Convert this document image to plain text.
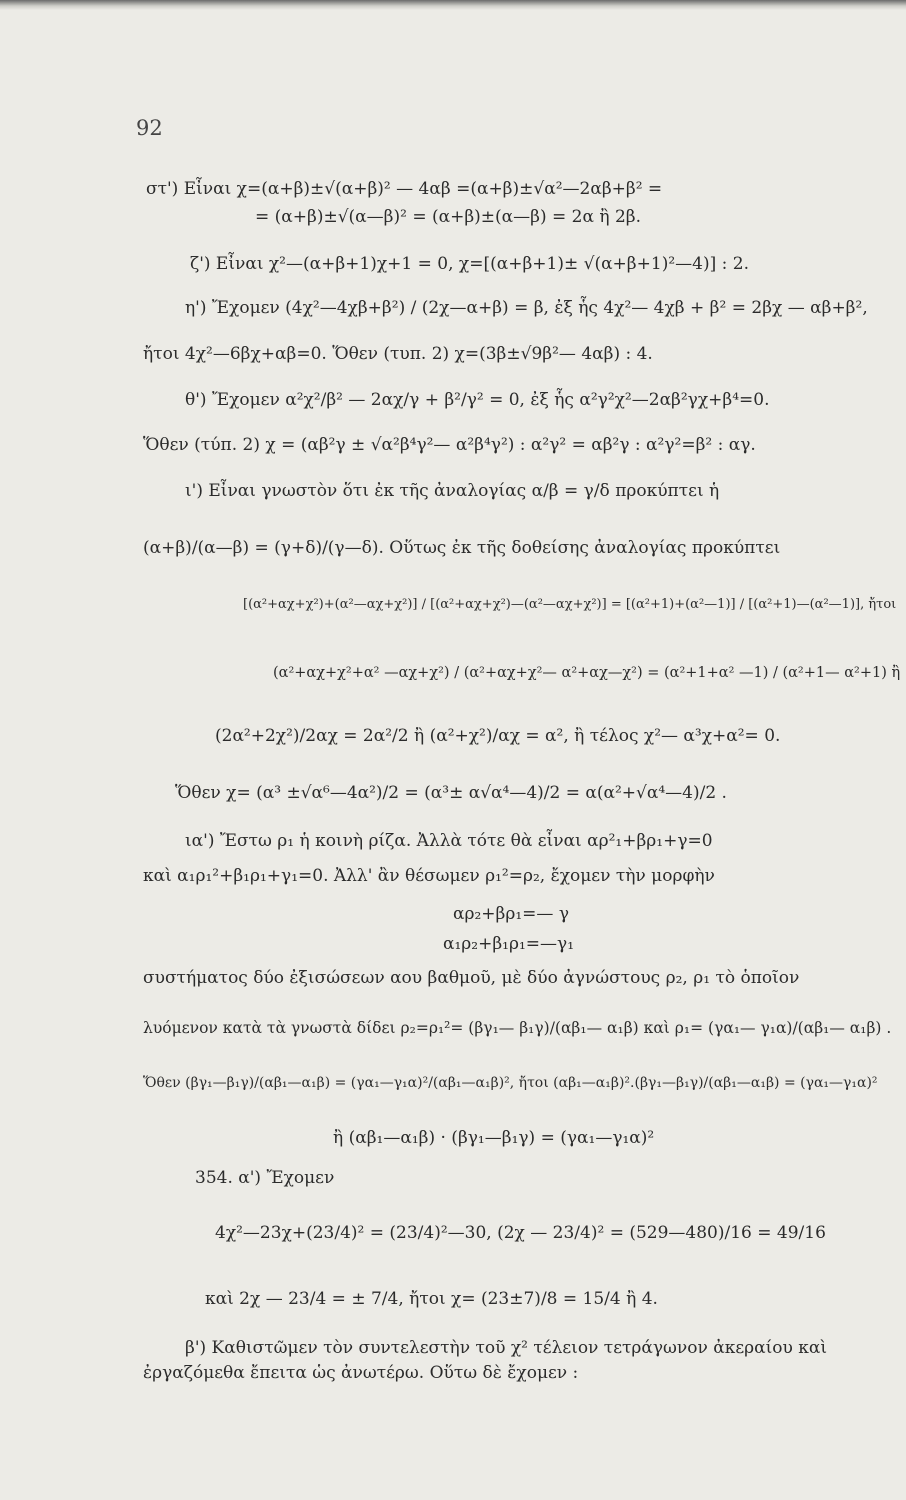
92
στ') Εἶναι χ=(α+β)±√(α+β)² — 4αβ =(α+β)±√α²—2αβ+β² =
= (α+β)±√(α—β)² = (α+β)±(α—β) = 2α ἢ 2β.
ζ') Εἶναι χ²—(α+β+1)χ+1 = 0, χ=[(α+β+1)± √(α+β+1)²—4)] : 2.
η') Ἔχομεν (4χ²—4χβ+β²) / (2χ—α+β) = β, ἐξ ἧς 4χ²— 4χβ + β² = 2βχ — αβ+β²,
ἤτοι 4χ²—6βχ+αβ=0. Ὅθεν (τυπ. 2) χ=(3β±√9β²— 4αβ) : 4.
θ') Ἔχομεν α²χ²/β² — 2αχ/γ + β²/γ² = 0, ἐξ ἧς α²γ²χ²—2αβ²γχ+β⁴=0.
Ὅθεν (τύπ. 2) χ = (αβ²γ ± √α²β⁴γ²— α²β⁴γ²) : α²γ² = αβ²γ : α²γ²=β² : αγ.
ι') Εἶναι γνωστὸν ὅτι ἐκ τῆς ἀναλογίας α/β = γ/δ προκύπτει ἡ
(α+β)/(α—β) = (γ+δ)/(γ—δ). Οὕτως ἐκ τῆς δοθείσης ἀναλογίας προκύπτει
[(α²+αχ+χ²)+(α²—αχ+χ²)] / [(α²+αχ+χ²)—(α²—αχ+χ²)] = [(α²+1)+(α²—1)] / [(α²+1)—(α²—1)], ἤτοι
(α²+αχ+χ²+α² —αχ+χ²) / (α²+αχ+χ²— α²+αχ—χ²) = (α²+1+α² —1) / (α²+1— α²+1) ἢ
(2α²+2χ²)/2αχ = 2α²/2 ἢ (α²+χ²)/αχ = α², ἢ τέλος χ²— α³χ+α²= 0.
Ὅθεν χ= (α³ ±√α⁶—4α²)/2 = (α³± α√α⁴—4)/2 = α(α²+√α⁴—4)/2 .
ια') Ἔστω ρ₁ ἡ κοινὴ ρίζα. Ἀλλὰ τότε θὰ εἶναι αρ²₁+βρ₁+γ=0
καὶ α₁ρ₁²+β₁ρ₁+γ₁=0. Ἀλλ' ἂν θέσωμεν ρ₁²=ρ₂, ἔχομεν τὴν μορφὴν
αρ₂+βρ₁=— γ
α₁ρ₂+β₁ρ₁=—γ₁
συστήματος δύο ἐξισώσεων αου βαθμοῦ, μὲ δύο ἀγνώστους ρ₂, ρ₁ τὸ ὁποῖον
λυόμενον κατὰ τὰ γνωστὰ δίδει ρ₂=ρ₁²= (βγ₁— β₁γ)/(αβ₁— α₁β) καὶ ρ₁= (γα₁— γ₁α)/(αβ₁— α₁β) .
Ὅθεν (βγ₁—β₁γ)/(αβ₁—α₁β) = (γα₁—γ₁α)²/(αβ₁—α₁β)², ἤτοι (αβ₁—α₁β)².(βγ₁—β₁γ)/(αβ₁—α₁β) = (γα₁—γ₁α)²
ἢ (αβ₁—α₁β) · (βγ₁—β₁γ) = (γα₁—γ₁α)²
354. α') Ἔχομεν
4χ²—23χ+(23/4)² = (23/4)²—30, (2χ — 23/4)² = (529—480)/16 = 49/16
καὶ 2χ — 23/4 = ± 7/4, ἤτοι χ= (23±7)/8 = 15/4 ἢ 4.
β') Καθιστῶμεν τὸν συντελεστὴν τοῦ χ² τέλειον τετράγωνον ἀκεραίου καὶ
ἐργαζόμεθα ἔπειτα ὡς ἀνωτέρω. Οὕτω δὲ ἔχομεν :
